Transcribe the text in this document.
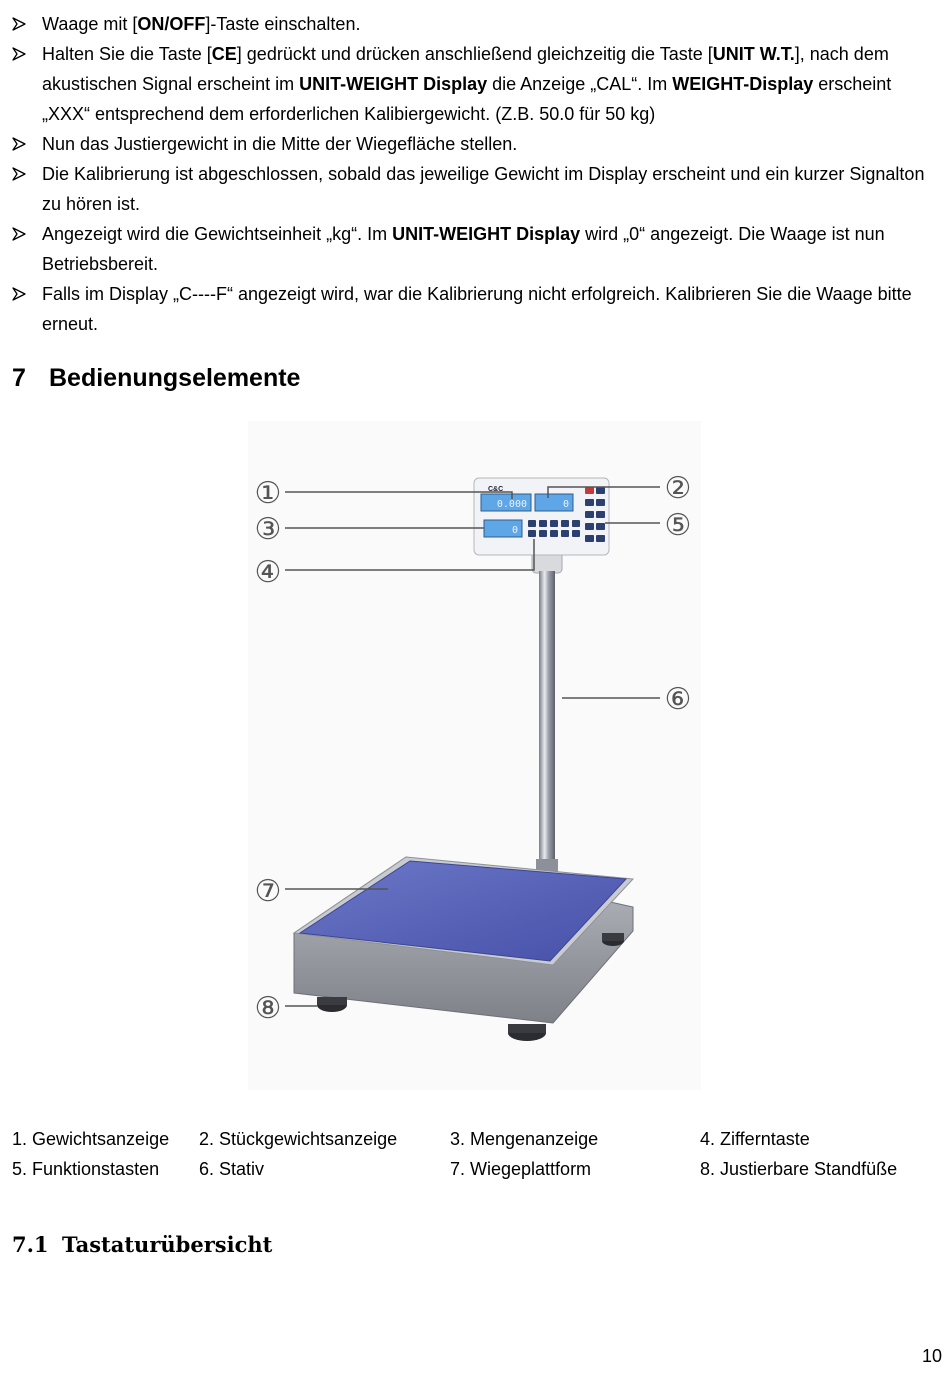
Waage mit [ON/OFF]-Taste einschalten.
Halten Sie die Taste [CE] gedrückt und drücken anschließend gleichzeitig die Taste [UNIT W.T.], nach dem akustischen Signal erscheint im UNIT-WEIGHT Display die Anzeige „CAL“. Im WEIGHT-Display erscheint „XXX“ entsprechend dem erforderlichen Kalibiergewicht. (Z.B. 50.0 für 50 kg)
Nun das Justiergewicht in die Mitte der Wiegefläche stellen.
Die Kalibrierung ist abgeschlossen, sobald das jeweilige Gewicht im Display erscheint und ein kurzer Signalton zu hören ist.
Angezeigt wird die Gewichtseinheit „kg“. Im UNIT-WEIGHT Display wird „0“ angezeigt. Die Waage ist nun Betriebsbereit.
Falls im Display „C----F“ angezeigt wird, war die Kalibrierung nicht erfolgreich. Kalibrieren Sie die Waage bitte erneut.
7 Bedienungselemente
C&C
0.000	0
0
①	②
③
④
⑤
⑥
⑦
⑧
1. Gewichtsanzeige 2. Stückgewichtsanzeige	3. Mengenanzeige	4. Zifferntaste
5. Funktionstasten 6. Stativ	7. Wiegeplattform	8. Justierbare Standfüße
7.1 Tastaturübersicht
10
